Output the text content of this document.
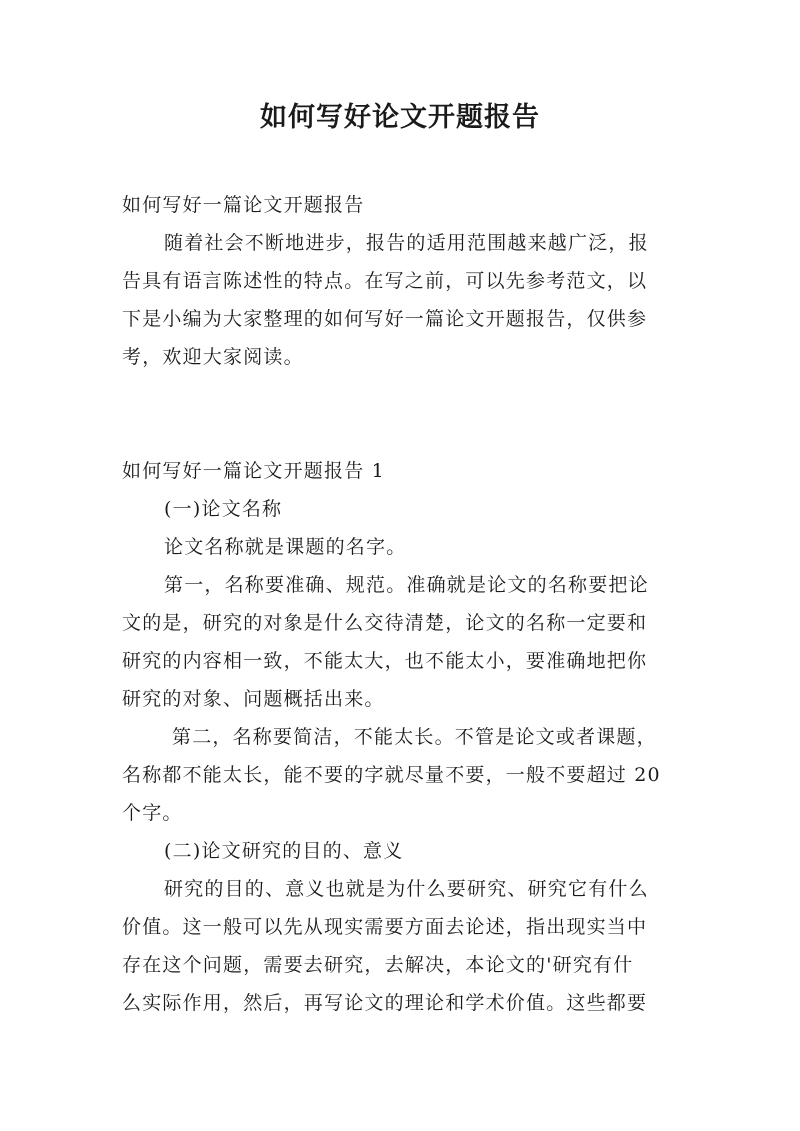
如何写好论文开题报告

如何写好一篇论文开题报告

随着社会不断地进步，报告的适用范围越来越广泛，报

告具有语言陈述性的特点。在写之前，可以先参考范文，以

下是小编为大家整理的如何写好一篇论文开题报告，仅供参

考，欢迎大家阅读。

如何写好一篇论文开题报告 1

(一)论文名称

论文名称就是课题的名字。

第一，名称要准确、规范。准确就是论文的名称要把论

文的是，研究的对象是什么交待清楚，论文的名称一定要和

研究的内容相一致，不能太大，也不能太小，要准确地把你

研究的对象、问题概括出来。

第二，名称要简洁，不能太长。不管是论文或者课题，

名称都不能太长，能不要的字就尽量不要，一般不要超过 20

个字。

(二)论文研究的目的、意义

研究的目的、意义也就是为什么要研究、研究它有什么

价值。这一般可以先从现实需要方面去论述，指出现实当中

存在这个问题，需要去研究，去解决，本论文的'研究有什

么实际作用，然后，再写论文的理论和学术价值。这些都要
